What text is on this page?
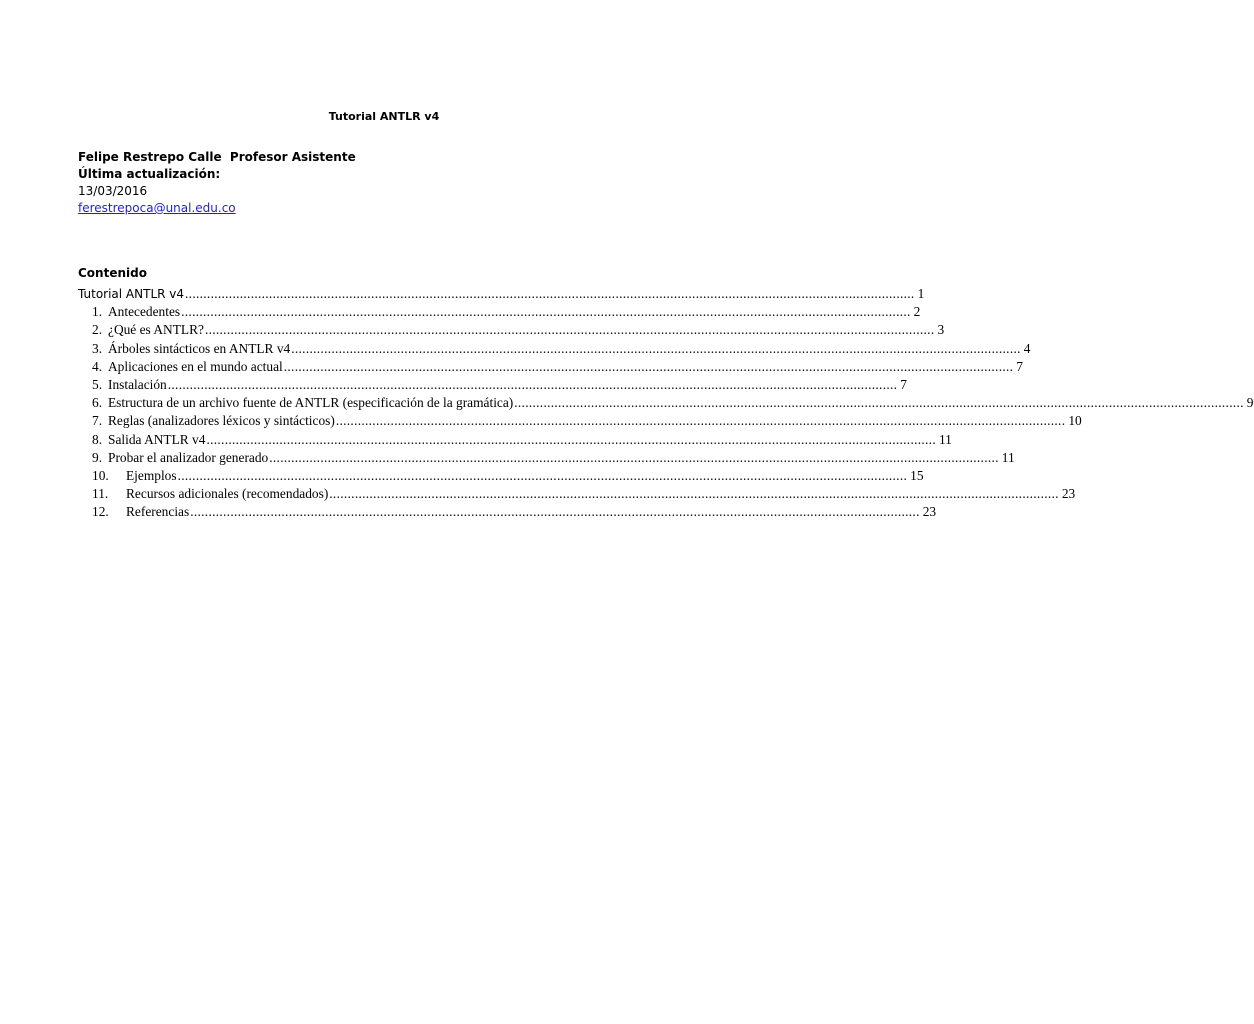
Tutorial ANTLR v4
Felipe Restrepo Calle  Profesor Asistente
Última actualización:
13/03/2016
ferestrepoca@unal.edu.co
Contenido
Tutorial ANTLR v4 ........................................................................................................................................................................................................ 1
1. Antecedentes ........................................................................................................................................................................................................ 2
2. ¿Qué es ANTLR? ........................................................................................................................................................................................................ 3
3. Árboles sintácticos en ANTLR v4 ........................................................................................................................................................................................................ 4
4. Aplicaciones en el mundo actual ........................................................................................................................................................................................................ 7
5. Instalación ........................................................................................................................................................................................................ 7
6. Estructura de un archivo fuente de ANTLR (especificación de la gramática) ........................................................................................................................................................................................................ 9
7. Reglas (analizadores léxicos y sintácticos) ........................................................................................................................................................................................................ 10
8. Salida ANTLR v4 ........................................................................................................................................................................................................ 11
9. Probar el analizador generado ........................................................................................................................................................................................................ 11
10.	Ejemplos ........................................................................................................................................................................................................ 15
11.	Recursos adicionales (recomendados) ........................................................................................................................................................................................................ 23
12.	Referencias ........................................................................................................................................................................................................ 23
